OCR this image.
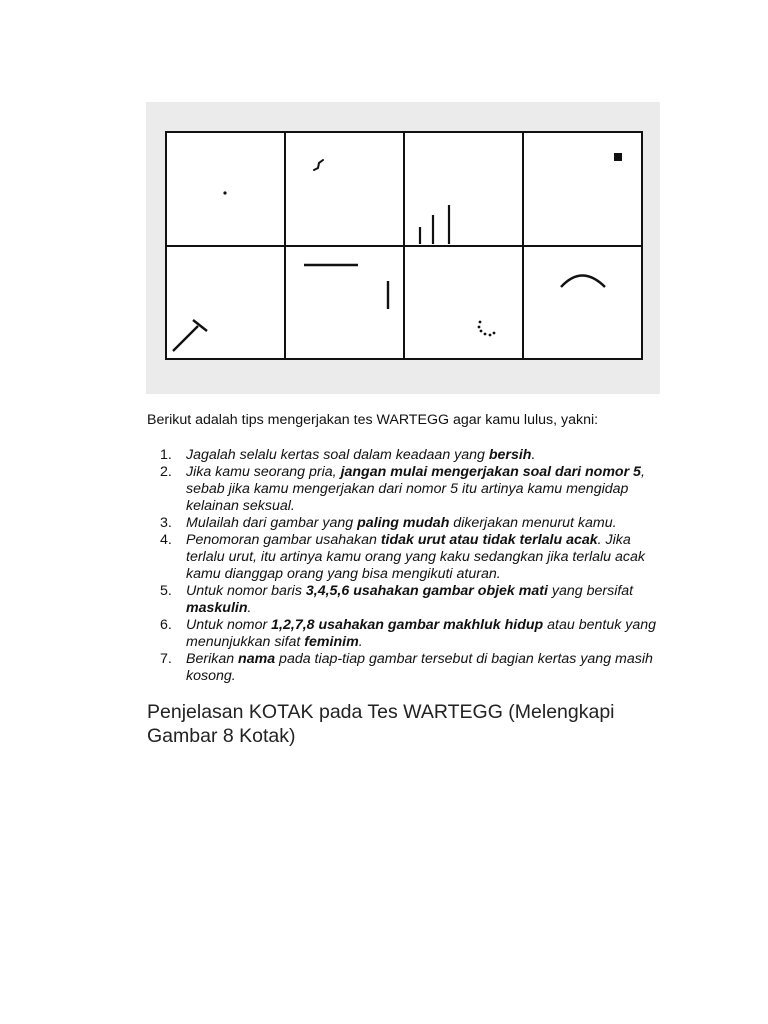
Berikut adalah tips mengerjakan tes WARTEGG agar kamu lulus, yakni:

1. Jagalah selalu kertas soal dalam keadaan yang bersih.
2. Jika kamu seorang pria, jangan mulai mengerjakan soal dari nomor 5, sebab jika kamu mengerjakan dari nomor 5 itu artinya kamu mengidap kelainan seksual.
3. Mulailah dari gambar yang paling mudah dikerjakan menurut kamu.
4. Penomoran gambar usahakan tidak urut atau tidak terlalu acak. Jika terlalu urut, itu artinya kamu orang yang kaku sedangkan jika terlalu acak kamu dianggap orang yang bisa mengikuti aturan.
5. Untuk nomor baris 3,4,5,6 usahakan gambar objek mati yang bersifat maskulin.
6. Untuk nomor 1,2,7,8 usahakan gambar makhluk hidup atau bentuk yang menunjukkan sifat feminim.
7. Berikan nama pada tiap-tiap gambar tersebut di bagian kertas yang masih kosong.
Penjelasan KOTAK pada Tes WARTEGG (Melengkapi Gambar 8 Kotak)
